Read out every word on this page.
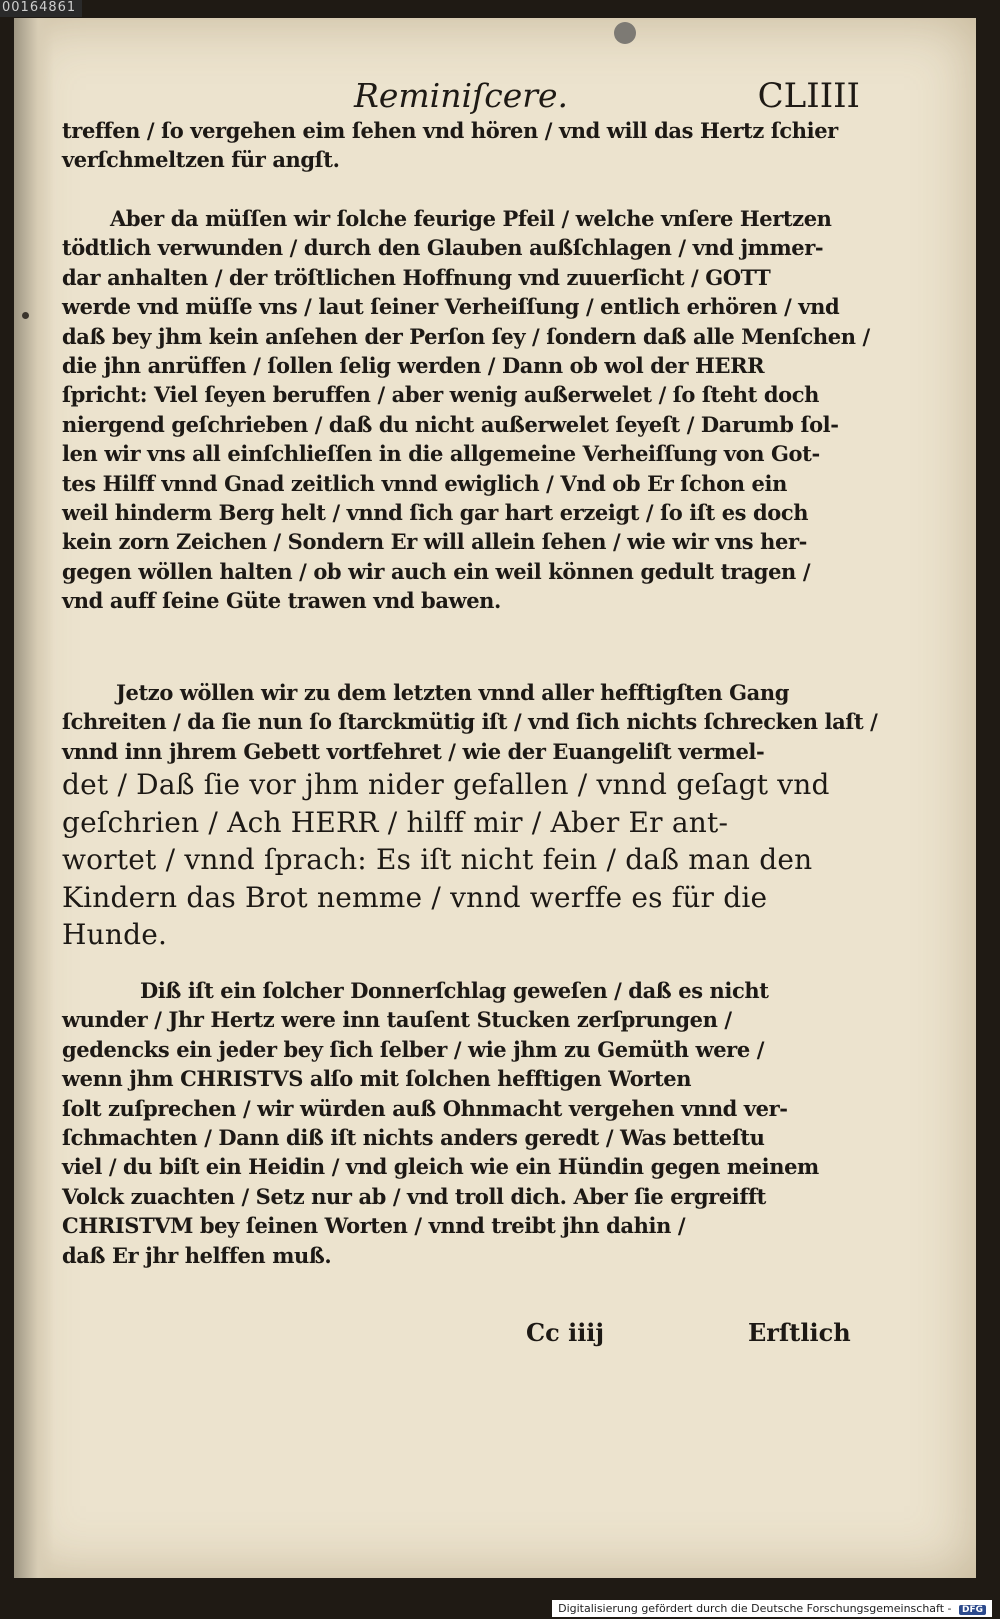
00164861
Reminiſcere.	CLIIII

treffen / ſo vergehen eim ſehen vnd hören / vnd will das Hertz ſchier
verſchmeltzen für angſt.

Aber da müſſen wir ſolche feurige Pfeil / welche vnſere Hertzen
tödtlich verwunden / durch den Glauben außſchlagen / vnd jmmer-
dar anhalten / der tröſtlichen Hoffnung vnd zuuerſicht / GOTT
werde vnd müſſe vns / laut ſeiner Verheiſſung / entlich erhören / vnd
daß bey jhm kein anſehen der Perſon ſey / ſondern daß alle Menſchen /
die jhn anrüffen / ſollen ſelig werden / Dann ob wol der HERR
ſpricht: Viel ſeyen beruffen / aber wenig außerwelet / ſo ſteht doch
niergend geſchrieben / daß du nicht außerwelet ſeyeſt / Darumb ſol-
len wir vns all einſchlieſſen in die allgemeine Verheiſſung von Got-
tes Hilff vnnd Gnad zeitlich vnnd ewiglich / Vnd ob Er ſchon ein
weil hinderm Berg helt / vnnd ſich gar hart erzeigt / ſo iſt es doch
kein zorn Zeichen / Sondern Er will allein ſehen / wie wir vns her-
gegen wöllen halten / ob wir auch ein weil können gedult tragen /
vnd auff ſeine Güte trawen vnd bawen.

Jetzo wöllen wir zu dem letzten vnnd aller hefftigſten Gang
ſchreiten / da ſie nun ſo ſtarckmütig iſt / vnd ſich nichts ſchrecken laſt /
vnnd inn jhrem Gebett vortfehret / wie der Euangeliſt vermel-

det / Daß ſie vor jhm nider gefallen / vnnd geſagt vnd
geſchrien / Ach HERR / hilff mir / Aber Er ant-
wortet / vnnd ſprach: Es iſt nicht fein / daß man den
Kindern das Brot nemme / vnnd werffe es für die
Hunde.

Diß iſt ein ſolcher Donnerſchlag geweſen / daß es nicht
wunder / Jhr Hertz were inn tauſent Stucken zerſprungen /
gedencks ein jeder bey ſich ſelber / wie jhm zu Gemüth were /
wenn jhm CHRISTVS alſo mit ſolchen hefftigen Worten
ſolt zuſprechen / wir würden auß Ohnmacht vergehen vnnd ver-
ſchmachten / Dann diß iſt nichts anders geredt / Was betteſtu
viel / du biſt ein Heidin / vnd gleich wie ein Hündin gegen meinem
Volck zuachten / Setz nur ab / vnd troll dich. Aber ſie ergreifft
CHRISTVM bey ſeinen Worten / vnnd treibt jhn dahin /
daß Er jhr helffen muß.

Cc iiij	Erſtlich
Digitalisierung gefördert durch die Deutsche Forschungsgemeinschaft - DFG
